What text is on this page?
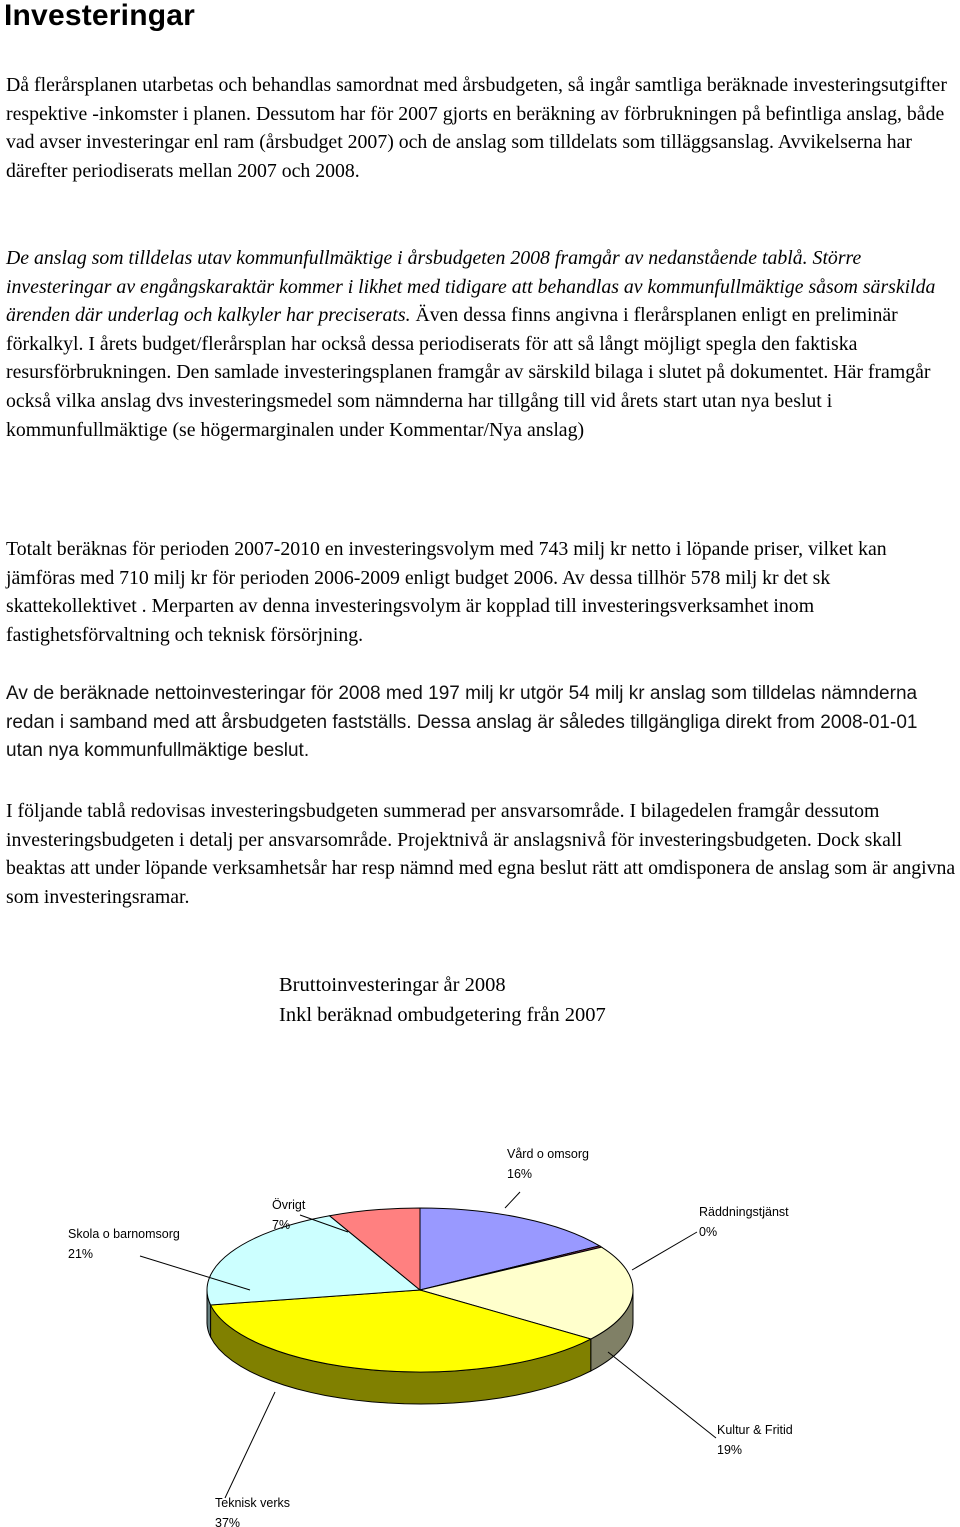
Investeringar

Då flerårsplanen utarbetas och behandlas samordnat med årsbudgeten, så ingår samtliga beräknade investeringsutgifter respektive -inkomster i planen. Dessutom har för 2007 gjorts en beräkning av förbrukningen på befintliga anslag, både vad avser investeringar enl ram (årsbudget 2007) och de anslag som tilldelats som tilläggsanslag. Avvikelserna har därefter periodiserats mellan 2007 och 2008.

De anslag som tilldelas utav kommunfullmäktige i årsbudgeten 2008 framgår av nedanstående tablå. Större investeringar av engångskaraktär kommer i likhet med tidigare att behandlas av kommunfullmäktige såsom särskilda ärenden där underlag och kalkyler har preciserats. Även dessa finns angivna i flerårsplanen enligt en preliminär förkalkyl. I årets budget/flerårsplan har också dessa periodiserats för att så långt möjligt spegla den faktiska resursförbrukningen. Den samlade investeringsplanen framgår av särskild bilaga i slutet på dokumentet. Här framgår också vilka anslag dvs investeringsmedel som nämnderna har tillgång till vid årets start utan nya beslut i kommunfullmäktige (se högermarginalen under Kommentar/Nya anslag)

Totalt beräknas för perioden 2007-2010 en investeringsvolym med 743 milj kr netto i löpande priser, vilket kan jämföras med 710 milj kr för perioden 2006-2009 enligt budget 2006. Av dessa tillhör 578 milj kr det sk skattekollektivet . Merparten av denna investeringsvolym är kopplad till investeringsverksamhet inom fastighetsförvaltning och teknisk försörjning.

Av de beräknade nettoinvesteringar för 2008 med 197 milj kr utgör 54 milj kr anslag som tilldelas nämnderna redan i samband med att årsbudgeten fastställs. Dessa anslag är således tillgängliga direkt from 2008-01-01 utan nya kommunfullmäktige beslut.

I följande tablå redovisas investeringsbudgeten summerad per ansvarsområde. I bilagedelen framgår dessutom investeringsbudgeten i detalj per ansvarsområde. Projektnivå är anslagsnivå för investeringsbudgeten. Dock skall beaktas att under löpande verksamhetsår har resp nämnd med egna beslut rätt att omdisponera de anslag som är angivna som investeringsramar.

Bruttoinvesteringar år 2008
Inkl beräknad ombudgetering från 2007
Vård o omsorg
16%
Räddningstjänst
0%
Kultur & Fritid
19%
Teknisk verks
37%
Skola o barnomsorg
21%
Övrigt
7%
